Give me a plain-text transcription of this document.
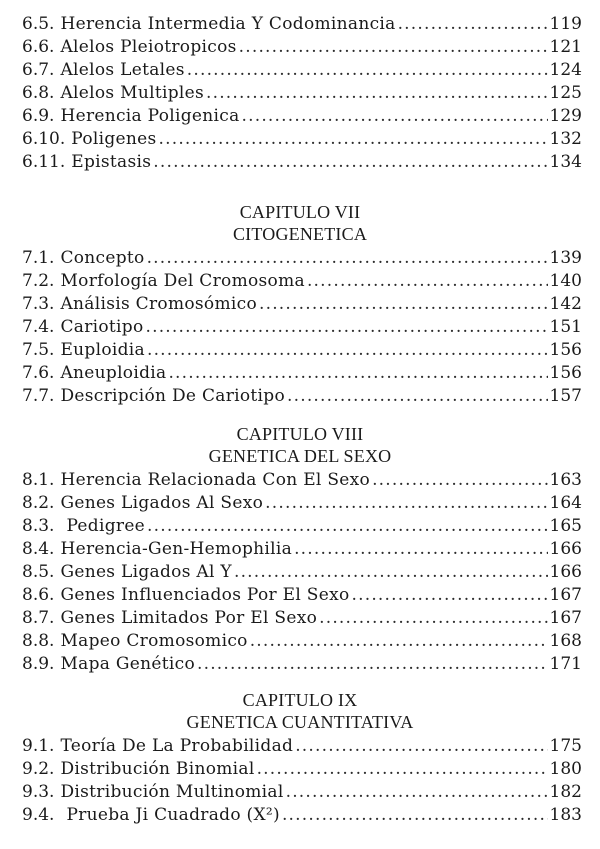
6.5. Herencia Intermedia Y Codominancia .....	119
6.6. Alelos Pleiotropicos .....	121
6.7. Alelos Letales .....	124
6.8. Alelos Multiples .....	125
6.9. Herencia Poligenica .....	129
6.10. Poligenes .....	132
6.11. Epistasis .....	134
CAPITULO VII
CITOGENETICA
7.1. Concepto .....	139
7.2. Morfología Del Cromosoma .....	140
7.3. Análisis Cromosómico .....	142
7.4. Cariotipo .....	151
7.5. Euploidia .....	156
7.6. Aneuploidia .....	156
7.7. Descripción De Cariotipo .....	157
CAPITULO VIII
GENETICA DEL SEXO
8.1. Herencia Relacionada Con El Sexo .....	163
8.2. Genes Ligados Al Sexo .....	164
8.3. Pedigree .....	165
8.4. Herencia-Gen-Hemophilia .....	166
8.5. Genes Ligados Al Y .....	166
8.6. Genes Influenciados Por El Sexo .....	167
8.7. Genes Limitados Por El Sexo .....	167
8.8. Mapeo Cromosomico .....	168
8.9. Mapa Genético .....	171
CAPITULO IX
GENETICA CUANTITATIVA
9.1. Teoría De La Probabilidad .....	175
9.2. Distribución Binomial .....	180
9.3. Distribución Multinomial .....	182
9.4. Prueba Ji Cuadrado (X²) .....	183
